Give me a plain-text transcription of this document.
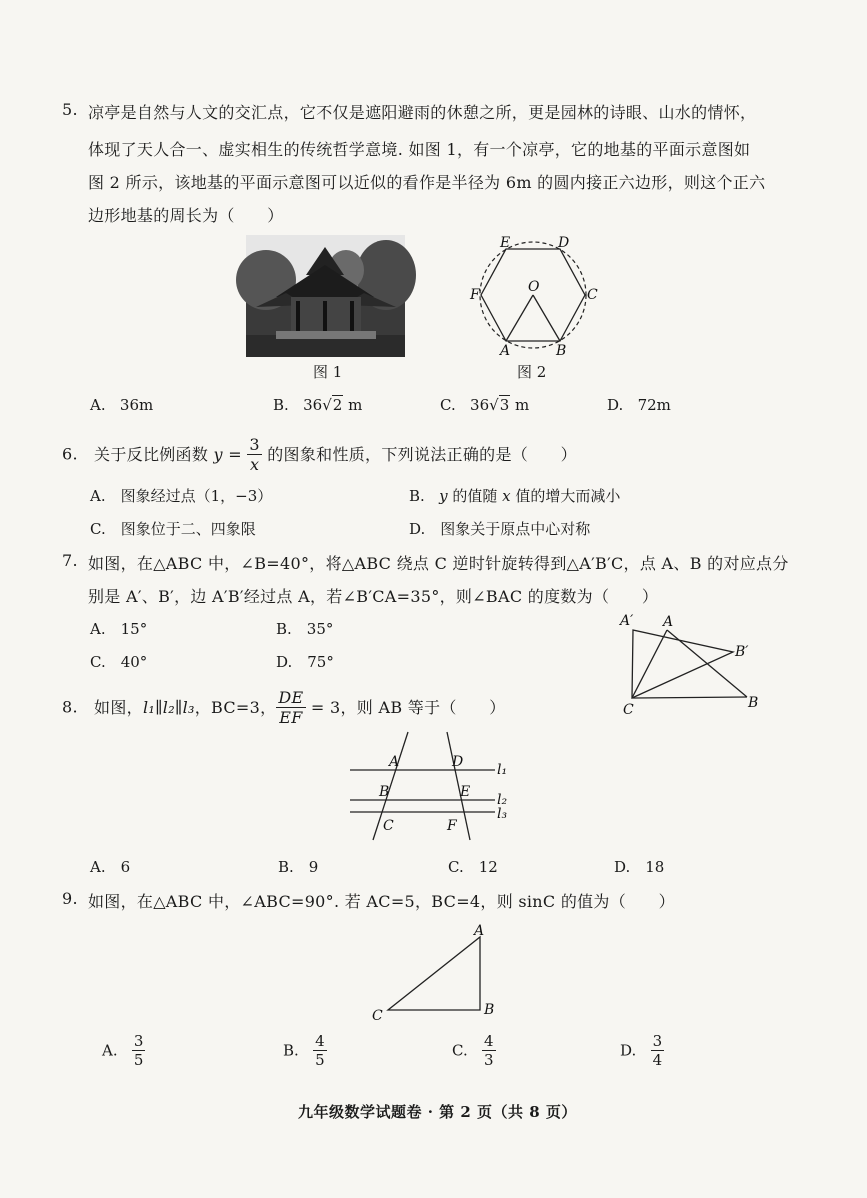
5. 凉亭是自然与人文的交汇点，它不仅是遮阳避雨的休憩之所，更是园林的诗眼、山水的情怀，
体现了天人合一、虚实相生的传统哲学意境. 如图 1，有一个凉亭，它的地基的平面示意图如
图 2 所示，该地基的平面示意图可以近似的看作是半径为 6m 的圆内接正六边形，则这个正六
边形地基的周长为（　　）
图 1
E	D
F	O	C
A	B
图 2
A. 36m	B. 36√2 m	C. 36√3 m	D. 72m
6. 关于反比例函数 $y = \frac{3}{x}$ 的图象和性质，下列说法正确的是（　　）
A.　图象经过点（1，−3）	B. y 的值随 x 值的增大而减小
C.　图象位于二、四象限	D.　图象关于原点中心对称
7. 如图，在△ABC 中，∠B=40°，将△ABC 绕点 C 逆时针旋转得到△A′B′C，点 A、B 的对应点分
别是 A′、B′，边 A′B′经过点 A，若∠B′CA=35°，则∠BAC 的度数为（　　）
A.　15°	B.　35°
C.　40°	D.　75°
A′ A
B′
C	B
8. 如图，l₁∥l₂∥l₃，BC=3， $\frac{DE}{EF} = 3$，则 AB 等于（　　）
A	D
B	E
C	F
l₁
l₂
l₃
A.　6	B.　9	C.　12	D.　18
9. 如图，在△ABC 中，∠ABC=90°. 若 AC=5，BC=4，则 sinC 的值为（　　）
A
B
C
A. $\frac{3}{5}$	B. $\frac{4}{5}$	C. $\frac{4}{3}$	D. $\frac{3}{4}$
九年级数学试题卷 · 第 2 页（共 8 页）
